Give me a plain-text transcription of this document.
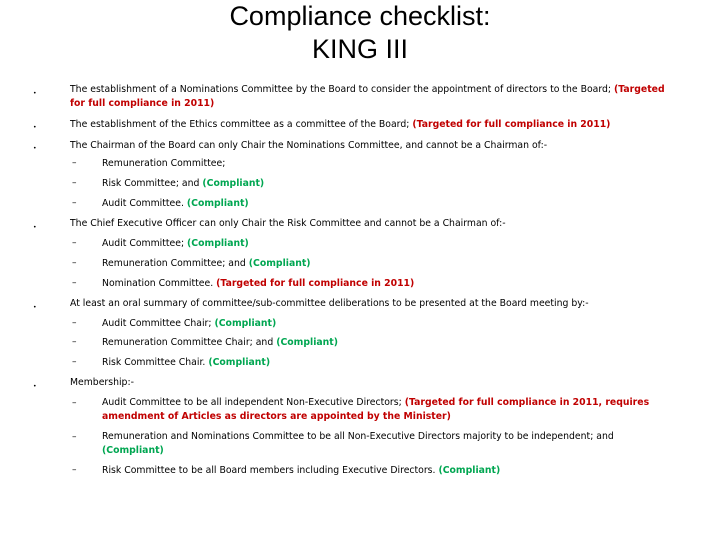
Compliance checklist:
KING III
•	The establishment of a Nominations Committee by the Board to consider the appointment of directors to the Board; (Targeted for full compliance in 2011)
•	The establishment of the Ethics committee as a committee of the Board; (Targeted for full compliance in 2011)
•	The Chairman of the Board can only Chair the Nominations Committee, and cannot be a Chairman of:-
–	Remuneration Committee;
–	Risk Committee; and (Compliant)
–	Audit Committee. (Compliant)
•	The Chief Executive Officer can only Chair the Risk Committee and cannot be a Chairman of:-
–	Audit Committee; (Compliant)
–	Remuneration Committee; and (Compliant)
–	Nomination Committee. (Targeted for full compliance in 2011)
•	At least an oral summary of committee/sub-committee deliberations to be presented at the Board meeting by:-
–	Audit Committee Chair; (Compliant)
–	Remuneration Committee Chair; and (Compliant)
–	Risk Committee Chair. (Compliant)
•	Membership:-
–	Audit Committee to be all independent Non-Executive Directors; (Targeted for full compliance in 2011, requires amendment of Articles as directors are appointed by the Minister)
–	Remuneration and Nominations Committee to be all Non-Executive Directors majority to be independent; and (Compliant)
–	Risk Committee to be all Board members including Executive Directors. (Compliant)
